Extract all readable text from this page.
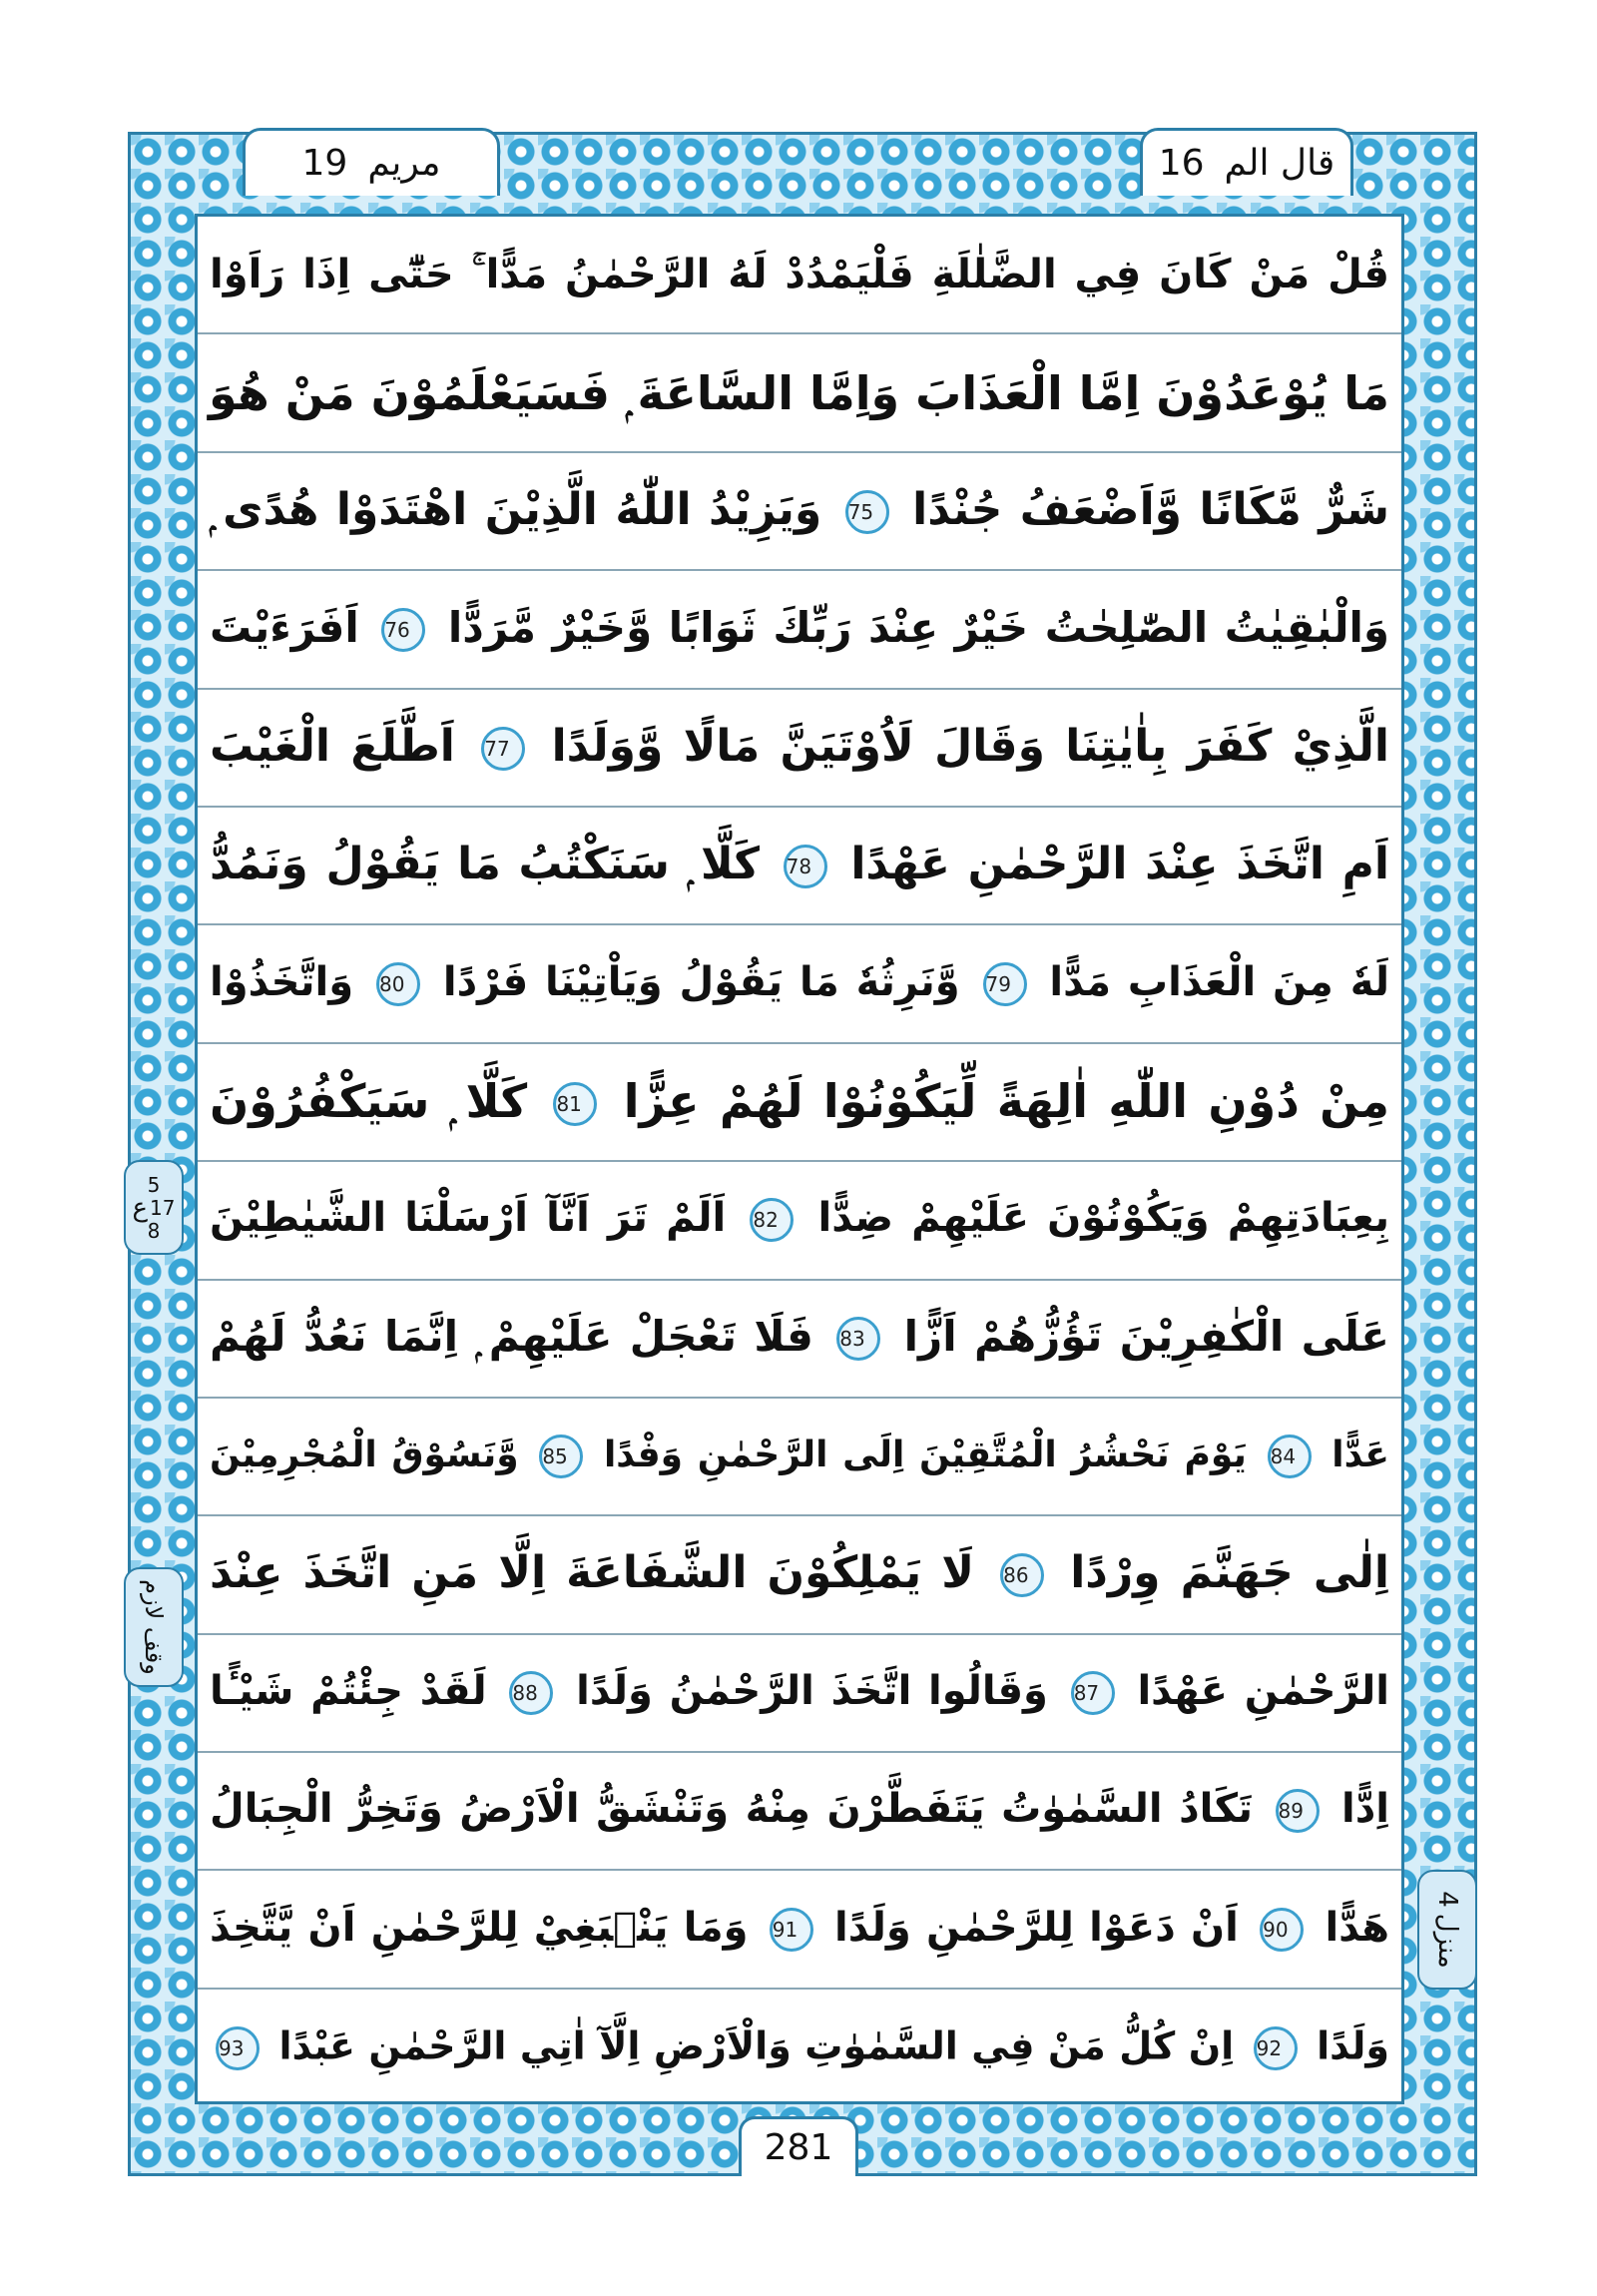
مریم
19	قال الم
16
قُلْ مَنْ كَانَ فِي الضَّلٰلَةِ فَلْيَمْدُدْ لَهُ الرَّحْمٰنُ مَدًّا ۚ حَتّٰٓى اِذَا رَاَوْا
مَا يُوْعَدُوْنَ اِمَّا الْعَذَابَ وَاِمَّا السَّاعَةَ ۭ فَسَيَعْلَمُوْنَ مَنْ هُوَ
شَرٌّ مَّكَانًا وَّاَضْعَفُ جُنْدًا 75 وَيَزِيْدُ اللّٰهُ الَّذِيْنَ اهْتَدَوْا هُدًى ۭ
وَالْبٰقِيٰتُ الصّٰلِحٰتُ خَيْرٌ عِنْدَ رَبِّكَ ثَوَابًا وَّخَيْرٌ مَّرَدًّا 76 اَفَرَءَيْتَ
الَّذِيْ كَفَرَ بِاٰيٰتِنَا وَقَالَ لَاُوْتَيَنَّ مَالًا وَّوَلَدًا 77 اَطَّلَعَ الْغَيْبَ
اَمِ اتَّخَذَ عِنْدَ الرَّحْمٰنِ عَهْدًا 78 كَلَّا ۭ سَنَكْتُبُ مَا يَقُوْلُ وَنَمُدُّ
لَهٗ مِنَ الْعَذَابِ مَدًّا 79 وَّنَرِثُهٗ مَا يَقُوْلُ وَيَاْتِيْنَا فَرْدًا 80 وَاتَّخَذُوْا
مِنْ دُوْنِ اللّٰهِ اٰلِهَةً لِّيَكُوْنُوْا لَهُمْ عِزًّا 81 كَلَّا ۭ سَيَكْفُرُوْنَ
بِعِبَادَتِهِمْ وَيَكُوْنُوْنَ عَلَيْهِمْ ضِدًّا 82 اَلَمْ تَرَ اَنَّآ اَرْسَلْنَا الشَّيٰطِيْنَ
عَلَى الْكٰفِرِيْنَ تَؤُزُّهُمْ اَزًّا 83 فَلَا تَعْجَلْ عَلَيْهِمْ ۭ اِنَّمَا نَعُدُّ لَهُمْ
عَدًّا 84 يَوْمَ نَحْشُرُ الْمُتَّقِيْنَ اِلَى الرَّحْمٰنِ وَفْدًا 85 وَّنَسُوْقُ الْمُجْرِمِيْنَ
اِلٰى جَهَنَّمَ وِرْدًا 86 لَا يَمْلِكُوْنَ الشَّفَاعَةَ اِلَّا مَنِ اتَّخَذَ عِنْدَ
الرَّحْمٰنِ عَهْدًا 87 وَقَالُوا اتَّخَذَ الرَّحْمٰنُ وَلَدًا 88 لَقَدْ جِئْتُمْ شَيْـًٔا
اِدًّا 89 تَكَادُ السَّمٰوٰتُ يَتَفَطَّرْنَ مِنْهُ وَتَنْشَقُّ الْاَرْضُ وَتَخِرُّ الْجِبَالُ
هَدًّا 90 اَنْ دَعَوْا لِلرَّحْمٰنِ وَلَدًا 91 وَمَا يَنْۢبَغِيْ لِلرَّحْمٰنِ اَنْ يَّتَّخِذَ
وَلَدًا 92 اِنْ كُلُّ مَنْ فِي السَّمٰوٰتِ وَالْاَرْضِ اِلَّآ اٰتِي الرَّحْمٰنِ عَبْدًا 93
5
ع 17
8
وقف لازم
منزل
4
281
